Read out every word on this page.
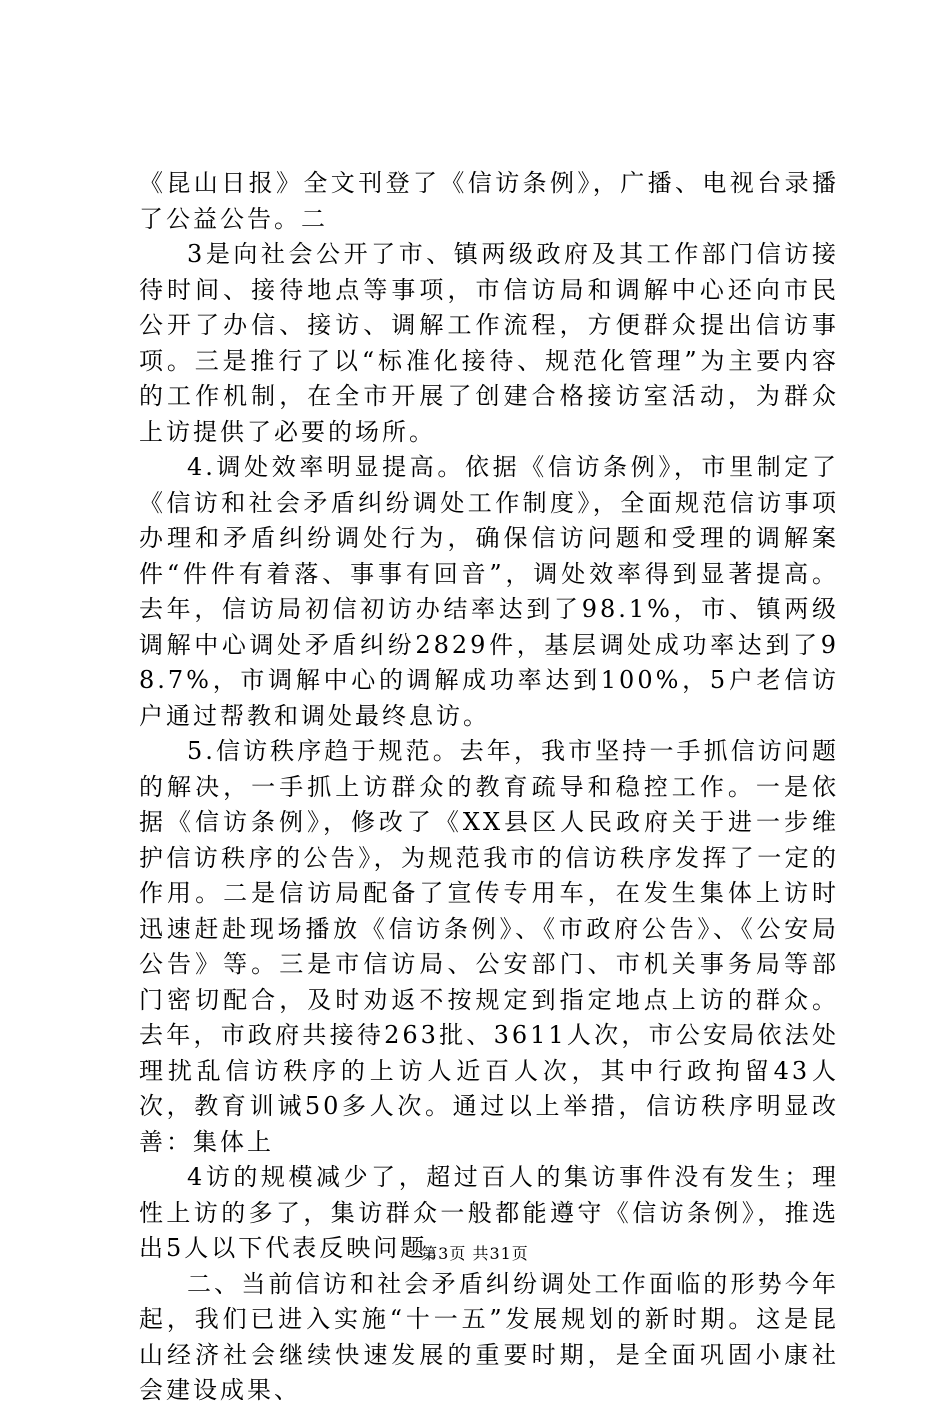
《昆山日报》全文刊登了《信访条例》，广播、电视台录播了公益公告。二

3是向社会公开了市、镇两级政府及其工作部门信访接待时间、接待地点等事项，市信访局和调解中心还向市民公开了办信、接访、调解工作流程，方便群众提出信访事项。三是推行了以“标准化接待、规范化管理”为主要内容的工作机制，在全市开展了创建合格接访室活动，为群众上访提供了必要的场所。

4.调处效率明显提高。依据《信访条例》，市里制定了《信访和社会矛盾纠纷调处工作制度》，全面规范信访事项办理和矛盾纠纷调处行为，确保信访问题和受理的调解案件“件件有着落、事事有回音”，调处效率得到显著提高。去年，信访局初信初访办结率达到了98.1%，市、镇两级调解中心调处矛盾纠纷2829件，基层调处成功率达到了98.7%，市调解中心的调解成功率达到100%，5户老信访户通过帮教和调处最终息访。

5.信访秩序趋于规范。去年，我市坚持一手抓信访问题的解决，一手抓上访群众的教育疏导和稳控工作。一是依据《信访条例》，修改了《XX县区人民政府关于进一步维护信访秩序的公告》，为规范我市的信访秩序发挥了一定的作用。二是信访局配备了宣传专用车，在发生集体上访时迅速赶赴现场播放《信访条例》、《市政府公告》、《公安局公告》等。三是市信访局、公安部门、市机关事务局等部门密切配合，及时劝返不按规定到指定地点上访的群众。去年，市政府共接待263批、3611人次，市公安局依法处理扰乱信访秩序的上访人近百人次，其中行政拘留43人次，教育训诫50多人次。通过以上举措，信访秩序明显改善：集体上

4访的规模减少了，超过百人的集访事件没有发生；理性上访的多了，集访群众一般都能遵守《信访条例》，推选出5人以下代表反映问题。

二、当前信访和社会矛盾纠纷调处工作面临的形势今年起，我们已进入实施“十一五”发展规划的新时期。这是昆山经济社会继续快速发展的重要时期，是全面巩固小康社会建设成果、

第3页 共31页
